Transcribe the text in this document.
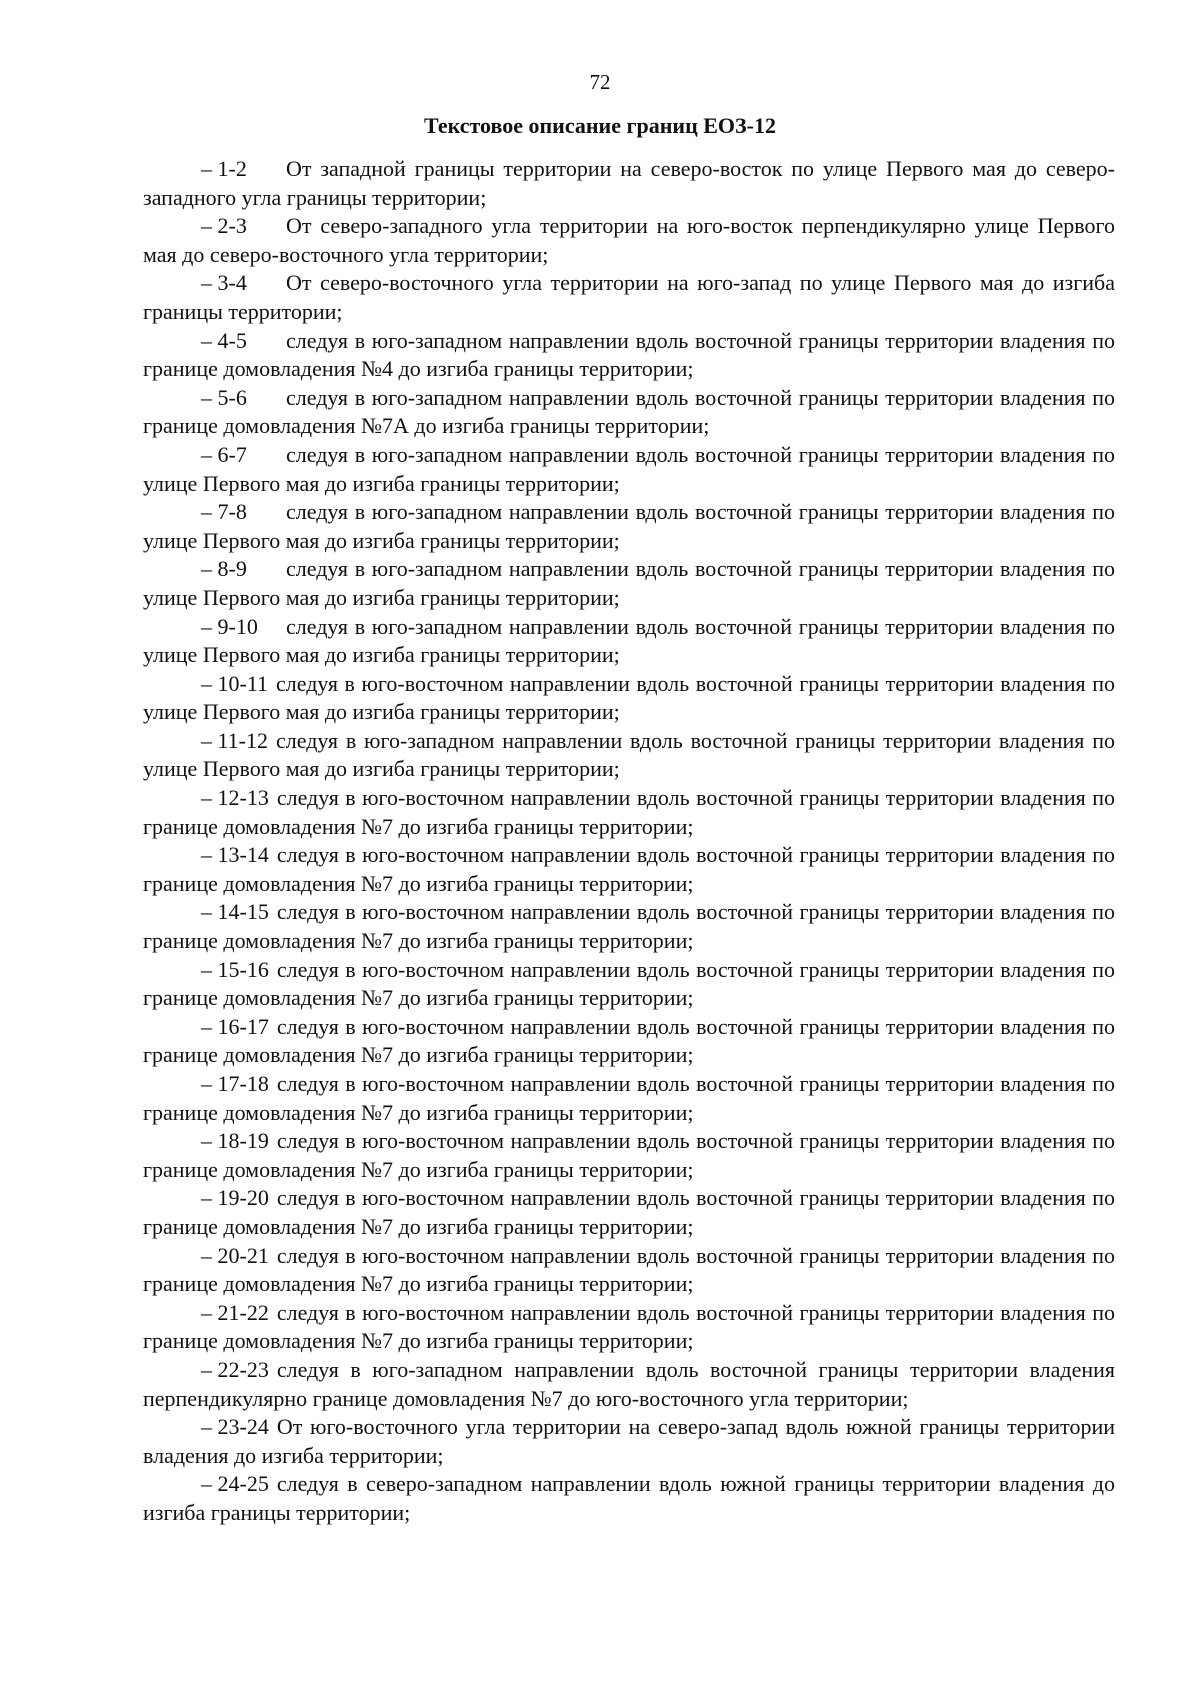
72
Текстовое описание границ ЕОЗ-12

– 1-2 От западной границы территории на северо-восток по улице Первого мая до северо-западного угла границы территории;

– 2-3 От северо-западного угла территории на юго-восток перпендикулярно улице Первого мая до северо-восточного угла территории;

– 3-4 От северо-восточного угла территории на юго-запад по улице Первого мая до изгиба границы территории;

– 4-5 следуя в юго-западном направлении вдоль восточной границы территории владения по границе домовладения №4 до изгиба границы территории;

– 5-6 следуя в юго-западном направлении вдоль восточной границы территории владения по границе домовладения №7А до изгиба границы территории;

– 6-7 следуя в юго-западном направлении вдоль восточной границы территории владения по улице Первого мая до изгиба границы территории;

– 7-8 следуя в юго-западном направлении вдоль восточной границы территории владения по улице Первого мая до изгиба границы территории;

– 8-9 следуя в юго-западном направлении вдоль восточной границы территории владения по улице Первого мая до изгиба границы территории;

– 9-10 следуя в юго-западном направлении вдоль восточной границы территории владения по улице Первого мая до изгиба границы территории;

– 10-11 следуя в юго-восточном направлении вдоль восточной границы территории владения по улице Первого мая до изгиба границы территории;

– 11-12 следуя в юго-западном направлении вдоль восточной границы территории владения по улице Первого мая до изгиба границы территории;

– 12-13 следуя в юго-восточном направлении вдоль восточной границы территории владения по границе домовладения №7 до изгиба границы территории;

– 13-14 следуя в юго-восточном направлении вдоль восточной границы территории владения по границе домовладения №7 до изгиба границы территории;

– 14-15 следуя в юго-восточном направлении вдоль восточной границы территории владения по границе домовладения №7 до изгиба границы территории;

– 15-16 следуя в юго-восточном направлении вдоль восточной границы территории владения по границе домовладения №7 до изгиба границы территории;

– 16-17 следуя в юго-восточном направлении вдоль восточной границы территории владения по границе домовладения №7 до изгиба границы территории;

– 17-18 следуя в юго-восточном направлении вдоль восточной границы территории владения по границе домовладения №7 до изгиба границы территории;

– 18-19 следуя в юго-восточном направлении вдоль восточной границы территории владения по границе домовладения №7 до изгиба границы территории;

– 19-20 следуя в юго-восточном направлении вдоль восточной границы территории владения по границе домовладения №7 до изгиба границы территории;

– 20-21 следуя в юго-восточном направлении вдоль восточной границы территории владения по границе домовладения №7 до изгиба границы территории;

– 21-22 следуя в юго-восточном направлении вдоль восточной границы территории владения по границе домовладения №7 до изгиба границы территории;

– 22-23 следуя в юго-западном направлении вдоль восточной границы территории владения перпендикулярно границе домовладения №7 до юго-восточного угла территории;

– 23-24 От юго-восточного угла территории на северо-запад вдоль южной границы территории владения до изгиба территории;

– 24-25 следуя в северо-западном направлении вдоль южной границы территории владения до изгиба границы территории;
